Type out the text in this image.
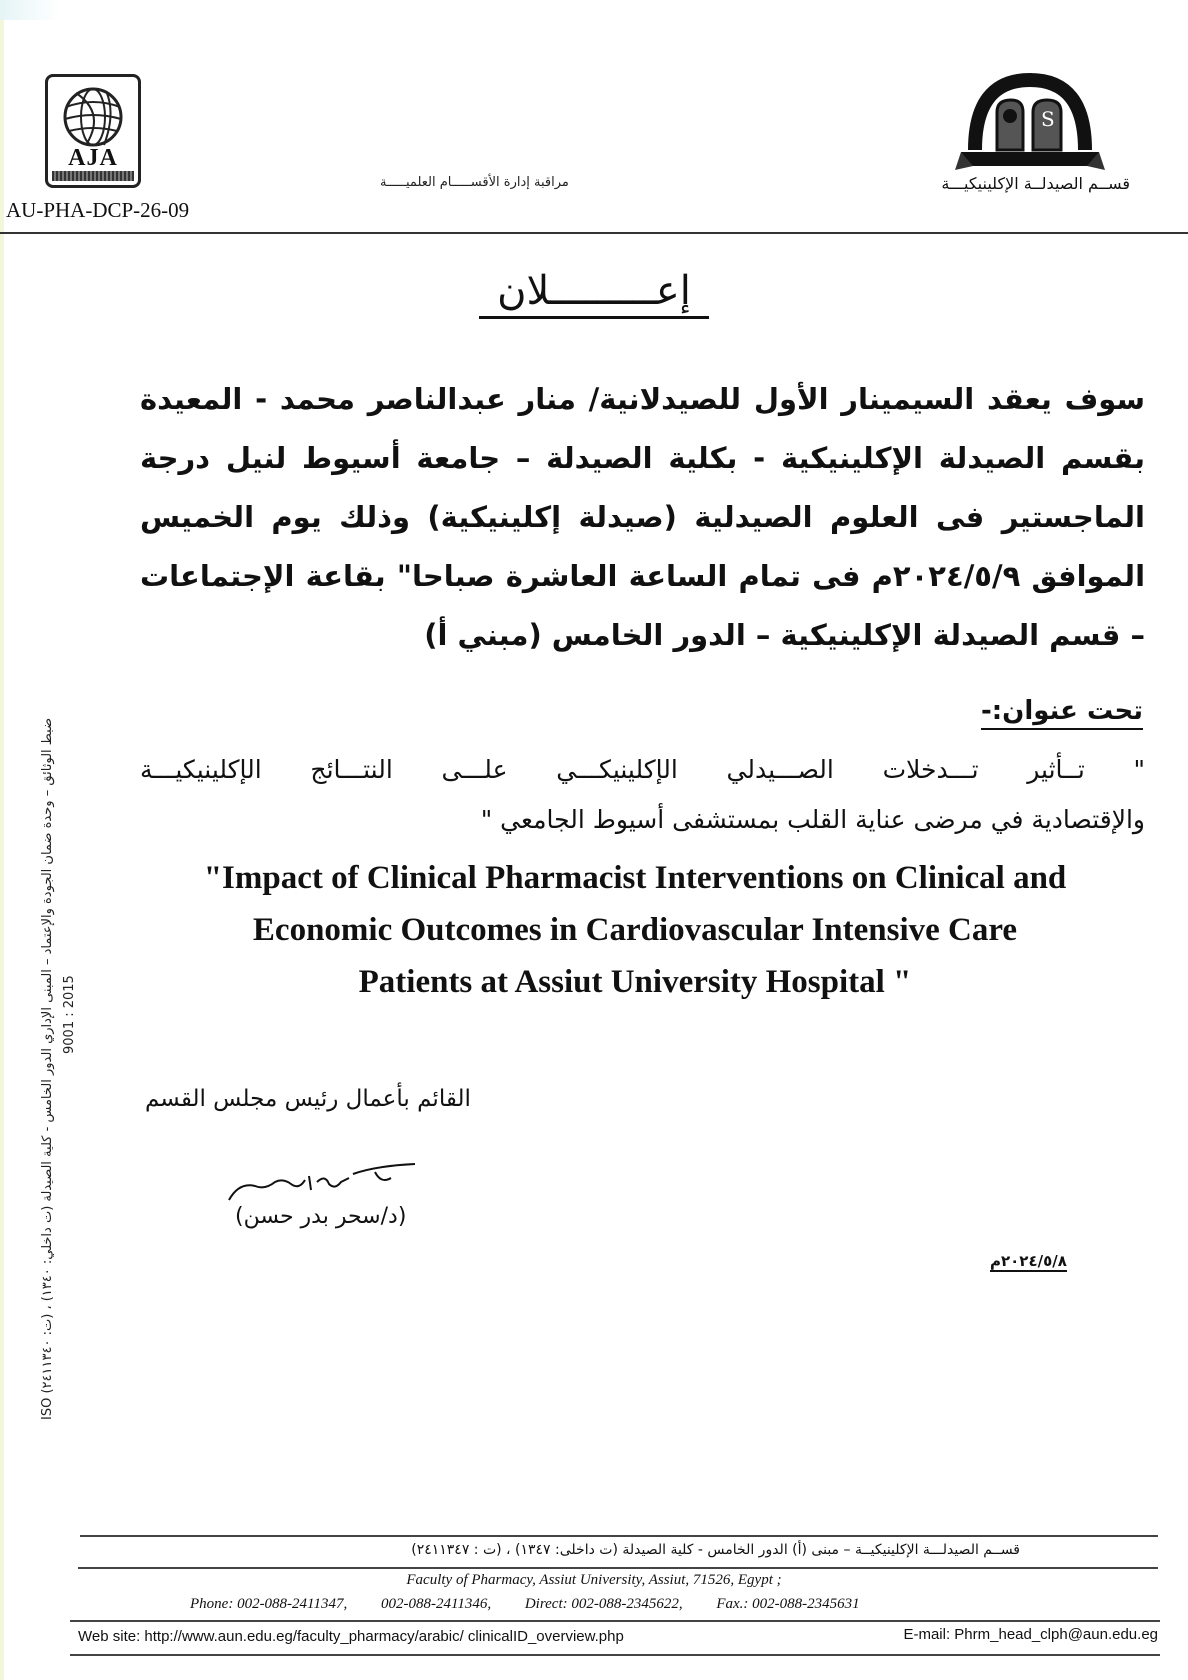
AJA
AU-PHA-DCP-26-09
مراقبة إدارة الأقســـــام العلميـــــة
S
قســم الصيدلــة الإكلينيكيـــة
إعـــــــــلان
سوف يعقد السيمينار الأول للصيدلانية/ منار عبدالناصر محمد - المعيدة
بقسم الصيدلة الإكلينيكية - بكلية الصيدلة – جامعة أسيوط لنيل درجة
الماجستير فى العلوم الصيدلية (صيدلة إكلينيكية) وذلك يوم الخميس
الموافق ٢٠٢٤/٥/٩م فى تمام الساعة العاشرة صباحا" بقاعة الإجتماعات
– قسم الصيدلة الإكلينيكية – الدور الخامس (مبني أ)
تحت عنوان:-
" تــأثير تـــدخلات الصـــيدلي الإكلينيكـــي علـــى النتـــائج الإكلينيكيـــة
والإقتصادية في مرضى عناية القلب بمستشفى أسيوط الجامعي "
"Impact of Clinical Pharmacist Interventions on Clinical and
Economic Outcomes in Cardiovascular Intensive Care
Patients at Assiut University Hospital "
القائم بأعمال رئيس مجلس القسم
(د/سحر بدر حسن)
٢٠٢٤/٥/٨م
ضبط الوثائق – وحدة ضمان الجودة والإعتماد – المبنى الإداري الدور الخامس - كلية الصيدلة (ت داخلي: ١٣٤٠) ، (ت: ٢٤١١٣٤٠) ISO 9001 : 2015
قســم الصيدلـــة الإكلينيكيــة – مبنى (أ) الدور الخامس - كلية الصيدلة (ت داخلى: ١٣٤٧) ، (ت : ٢٤١١٣٤٧)
Faculty of Pharmacy, Assiut University, Assiut, 71526, Egypt ;
Phone: 002-088-2411347, 002-088-2411346, Direct: 002-088-2345622, Fax.: 002-088-2345631
Web site: http://www.aun.edu.eg/faculty_pharmacy/arabic/ clinicalID_overview.php	E-mail: Phrm_head_clph@aun.edu.eg
